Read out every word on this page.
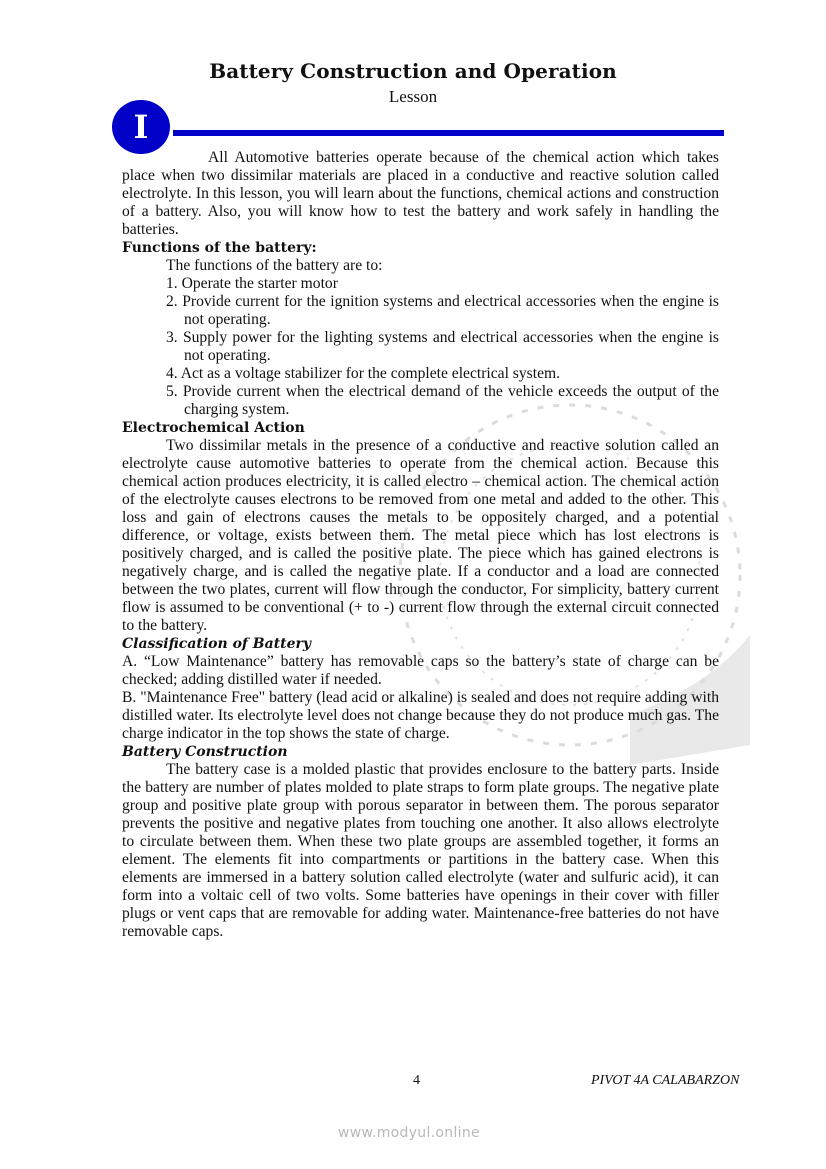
Battery Construction and Operation
Lesson
I

All Automotive batteries operate because of the chemical action which takes place when two dissimilar materials are placed in a conductive and reactive solution called electrolyte. In this lesson, you will learn about the functions, chemical actions and construction of a battery. Also, you will know how to test the battery and work safely in handling the batteries.

Functions of the battery:

The functions of the battery are to:

1. Operate the starter motor
2. Provide current for the ignition systems and electrical accessories when the engine is not operating.
3. Supply power for the lighting systems and electrical accessories when the engine is not operating.
4. Act as a voltage stabilizer for the complete electrical system.
5. Provide current when the electrical demand of the vehicle exceeds the output of the charging system.
Electrochemical Action

Two dissimilar metals in the presence of a conductive and reactive solution called an electrolyte cause automotive batteries to operate from the chemical action. Because this chemical action produces electricity, it is called electro – chemical action. The chemical action of the electrolyte causes electrons to be removed from one metal and added to the other. This loss and gain of electrons causes the metals to be oppositely charged, and a potential difference, or voltage, exists between them. The metal piece which has lost electrons is positively charged, and is called the positive plate. The piece which has gained electrons is negatively charge, and is called the negative plate. If a conductor and a load are connected between the two plates, current will flow through the conductor, For simplicity, battery current flow is assumed to be conventional (+ to -) current flow through the external circuit connected to the battery.

Classification of Battery

A. “Low Maintenance” battery has removable caps so the battery’s state of charge can be checked; adding distilled water if needed.

B. "Maintenance Free" battery (lead acid or alkaline) is sealed and does not require adding with distilled water. Its electrolyte level does not change because they do not produce much gas. The charge indicator in the top shows the state of charge.

Battery Construction

The battery case is a molded plastic that provides enclosure to the battery parts. Inside the battery are number of plates molded to plate straps to form plate groups. The negative plate group and positive plate group with porous separator in between them. The porous separator prevents the positive and negative plates from touching one another. It also allows electrolyte to circulate between them. When these two plate groups are assembled together, it forms an element. The elements fit into compartments or partitions in the battery case. When this elements are immersed in a battery solution called electrolyte (water and sulfuric acid), it can form into a voltaic cell of two volts. Some batteries have openings in their cover with filler plugs or vent caps that are removable for adding water. Maintenance-free batteries do not have removable caps.

4	PIVOT 4A CALABARZON
www.modyul.online
